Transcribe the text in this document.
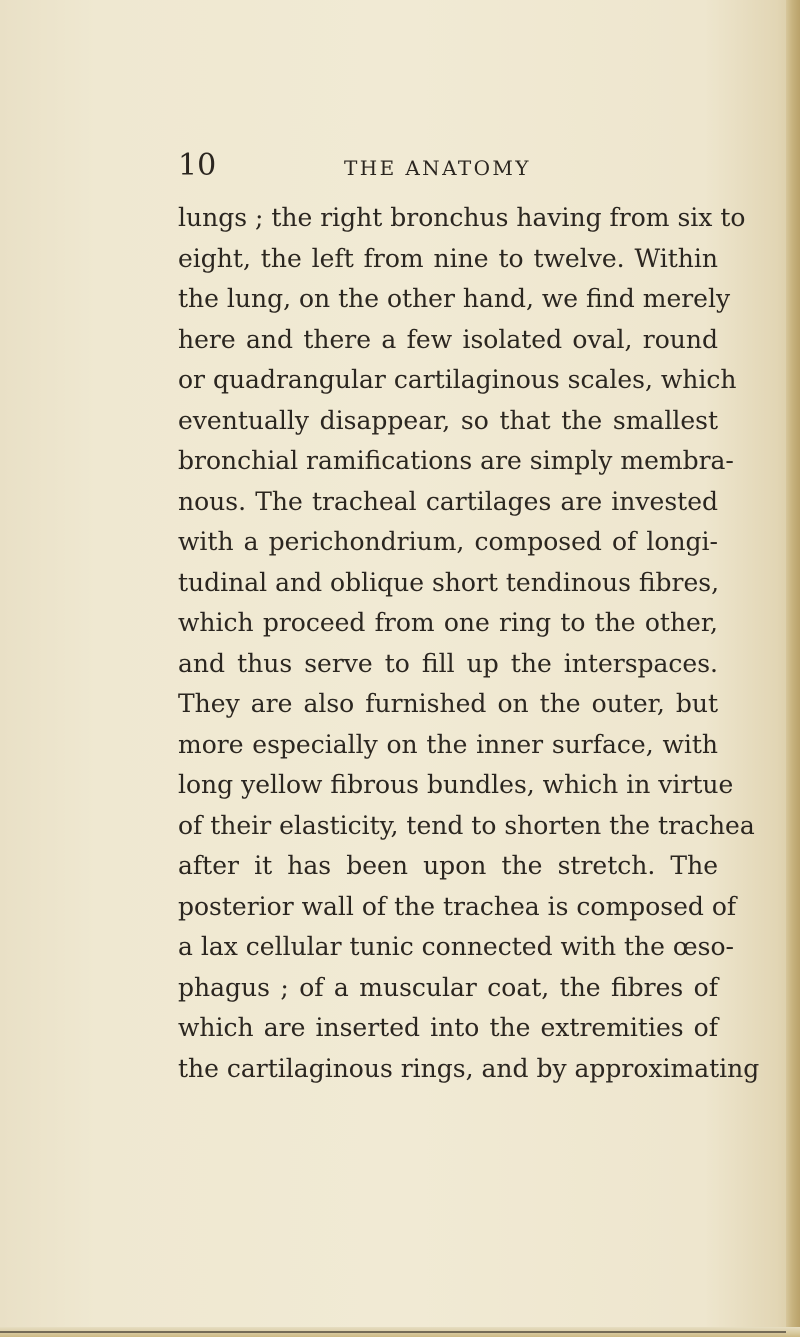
10	THE ANATOMY
lungs ; the right bronchus having from six to
eight, the left from nine to twelve. Within
the lung, on the other hand, we find merely
here and there a few isolated oval, round
or quadrangular cartilaginous scales, which
eventually disappear, so that the smallest
bronchial ramifications are simply membra-
nous. The tracheal cartilages are invested
with a perichondrium, composed of longi-
tudinal and oblique short tendinous fibres,
which proceed from one ring to the other,
and thus serve to fill up the interspaces.
They are also furnished on the outer, but
more especially on the inner surface, with
long yellow fibrous bundles, which in virtue
of their elasticity, tend to shorten the trachea
after it has been upon the stretch. The
posterior wall of the trachea is composed of
a lax cellular tunic connected with the œso-
phagus ; of a muscular coat, the fibres of
which are inserted into the extremities of
the cartilaginous rings, and by approximating
